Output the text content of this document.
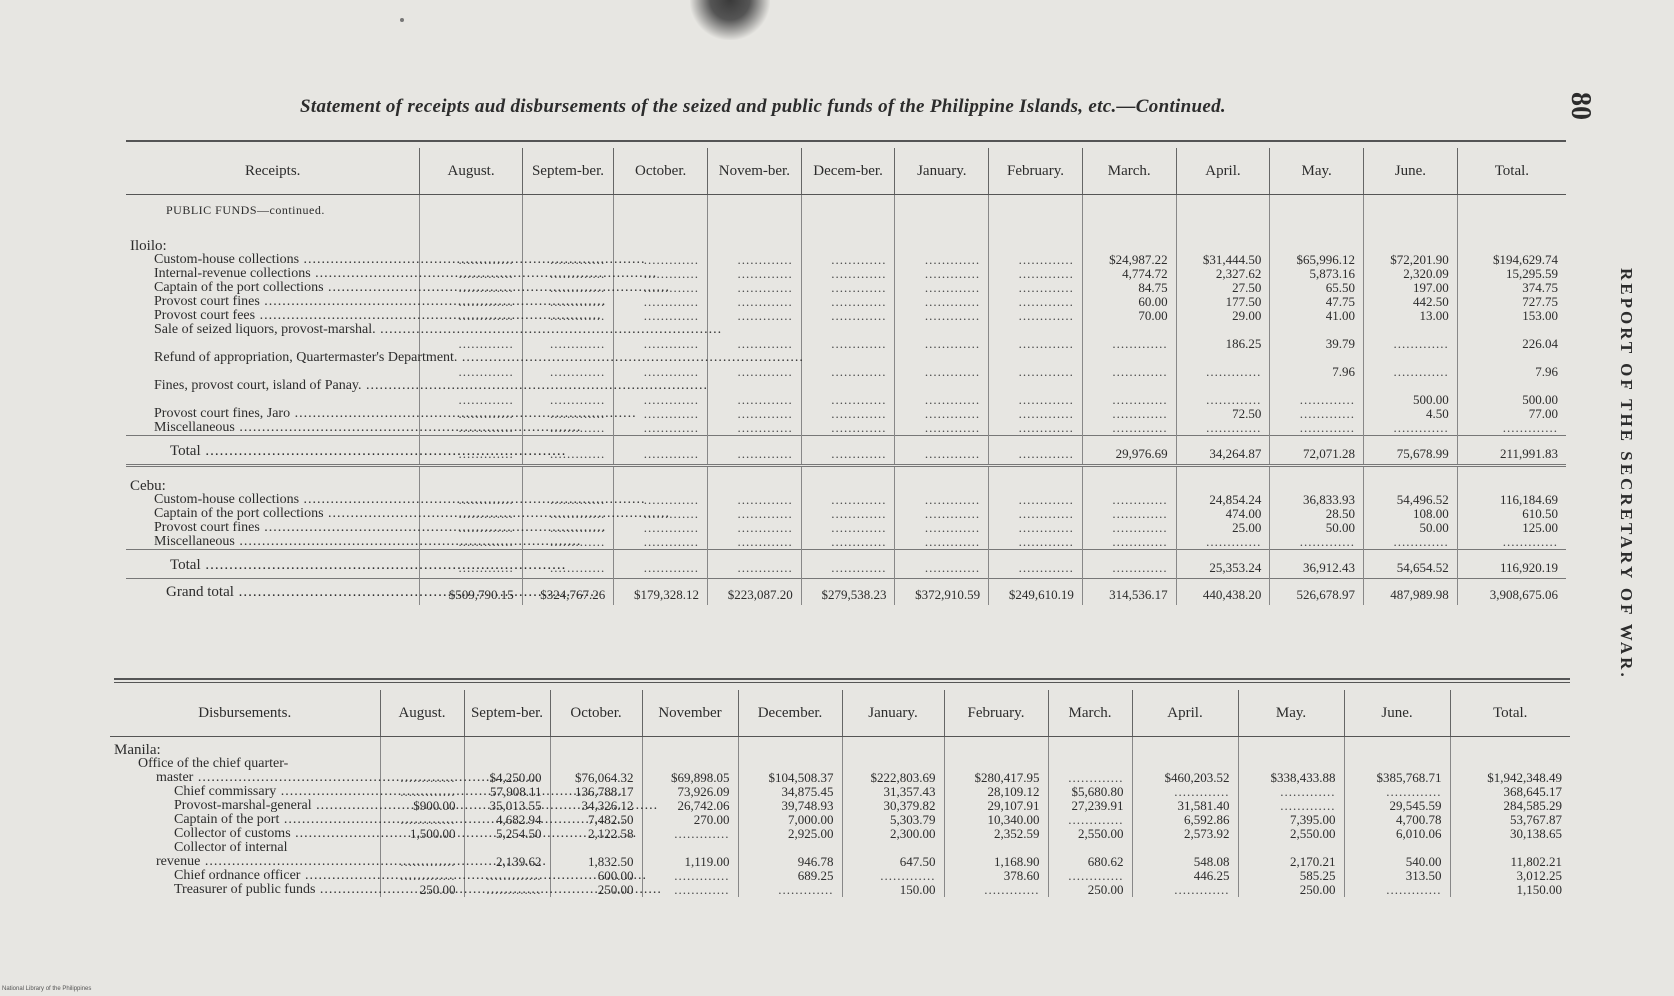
Statement of receipts aud disbursements of the seized and public funds of the Philippine Islands, etc.—Continued.	80
REPORT OF THE SECRETARY OF WAR.
Receipts.	August.	Septem-ber.	October.	Novem-ber.	Decem-ber.	January.	February.	March.	April.	May.	June.	Total.
PUBLIC FUNDS—continued.												
Iloilo:												
Custom-house collections .....	.....	.....	.....	.....	.....	.....	.....	$24,987.22	$31,444.50	$65,996.12	$72,201.90	$194,629.74
Internal-revenue collections .....	.....	.....	.....	.....	.....	.....	.....	4,774.72	2,327.62	5,873.16	2,320.09	15,295.59
Captain of the port collections .....	.....	.....	.....	.....	.....	.....	.....	84.75	27.50	65.50	197.00	374.75
Provost court fines .....	.....	.....	.....	.....	.....	.....	.....	60.00	177.50	47.75	442.50	727.75
Provost court fees .....	.....	.....	.....	.....	.....	.....	.....	70.00	29.00	41.00	13.00	153.00
Sale of seized liquors, provost-marshal. .....	.....	.....	.....	.....	.....	.....	.....	.....	186.25	39.79	.....	226.04
Refund of appropriation, Quartermaster's Department. .....	.....	.....	.....	.....	.....	.....	.....	.....	.....	7.96	.....	7.96
Fines, provost court, island of Panay. .....	.....	.....	.....	.....	.....	.....	.....	.....	.....	.....	500.00	500.00
Provost court fines, Jaro .....	.....	.....	.....	.....	.....	.....	.....	.....	72.50	.....	4.50	77.00
Miscellaneous .....	.....	.....	.....	.....	.....	.....	.....	.....	.....	.....	.....	.....

Total .....	.....	.....	.....	.....	.....	.....	.....	29,976.69	34,264.87	72,071.28	75,678.99	211,991.83

Cebu:												
Custom-house collections .....	.....	.....	.....	.....	.....	.....	.....	.....	24,854.24	36,833.93	54,496.52	116,184.69
Captain of the port collections .....	.....	.....	.....	.....	.....	.....	.....	.....	474.00	28.50	108.00	610.50
Provost court fines .....	.....	.....	.....	.....	.....	.....	.....	.....	25.00	50.00	50.00	125.00
Miscellaneous .....	.....	.....	.....	.....	.....	.....	.....	.....	.....	.....	.....	.....

Total .....	.....	.....	.....	.....	.....	.....	.....	.....	25,353.24	36,912.43	54,654.52	116,920.19

Grand total .....	$509,790.15	$324,767.26	$179,328.12	$223,087.20	$279,538.23	$372,910.59	$249,610.19	314,536.17	440,438.20	526,678.97	487,989.98	3,908,675.06
Disbursements.	August.	Septem-ber.	October.	November	December.	January.	February.	March.	April.	May.	June.	Total.
Manila:												
Office of the chief quarter-												
master .....	.....	$4,250.00	$76,064.32	$69,898.05	$104,508.37	$222,803.69	$280,417.95	.....	$460,203.52	$338,433.88	$385,768.71	$1,942,348.49
Chief commissary .....	.....	57,908.11	136,788.17	73,926.09	34,875.45	31,357.43	28,109.12	$5,680.80	.....	.....	.....	368,645.17
Provost-marshal-general .....	$900.00	35,013.55	34,326.12	26,742.06	39,748.93	30,379.82	29,107.91	27,239.91	31,581.40	.....	29,545.59	284,585.29
Captain of the port .....	.....	4,682.94	7,482.50	270.00	7,000.00	5,303.79	10,340.00	.....	6,592.86	7,395.00	4,700.78	53,767.87
Collector of customs .....	1,500.00	5,254.50	2,122.58	.....	2,925.00	2,300.00	2,352.59	2,550.00	2,573.92	2,550.00	6,010.06	30,138.65
Collector of internal												
revenue .....	.....	2,139.62	1,832.50	1,119.00	946.78	647.50	1,168.90	680.62	548.08	2,170.21	540.00	11,802.21
Chief ordnance officer .....	.....	.....	600.00	.....	689.25	.....	378.60	.....	446.25	585.25	313.50	3,012.25
Treasurer of public funds .....	250.00	.....	250.00	.....	.....	150.00	.....	250.00	.....	250.00	.....	1,150.00
National Library of the Philippines
